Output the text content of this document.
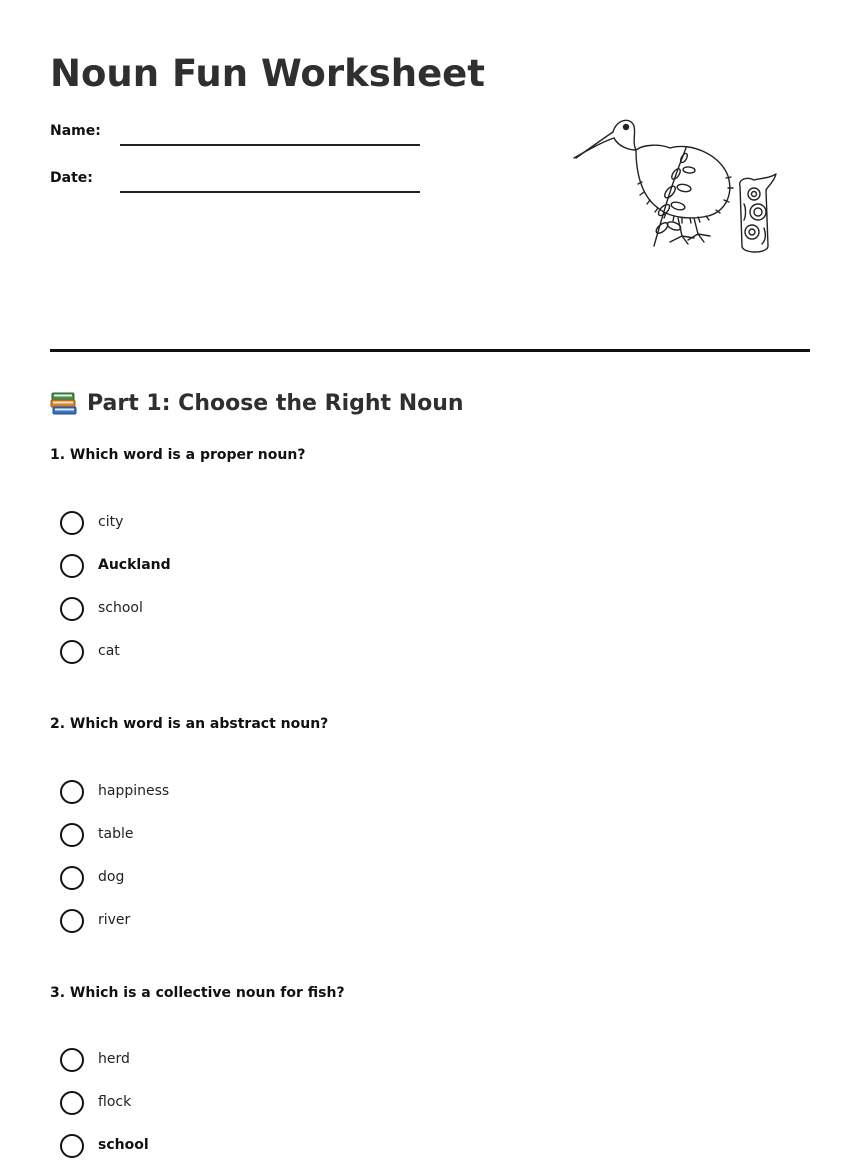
Noun Fun Worksheet
Name:
Date:
Part 1: Choose the Right Noun
1. Which word is a proper noun?
city
Auckland
school
cat
2. Which word is an abstract noun?
happiness
table
dog
river
3. Which is a collective noun for fish?
herd
flock
school
